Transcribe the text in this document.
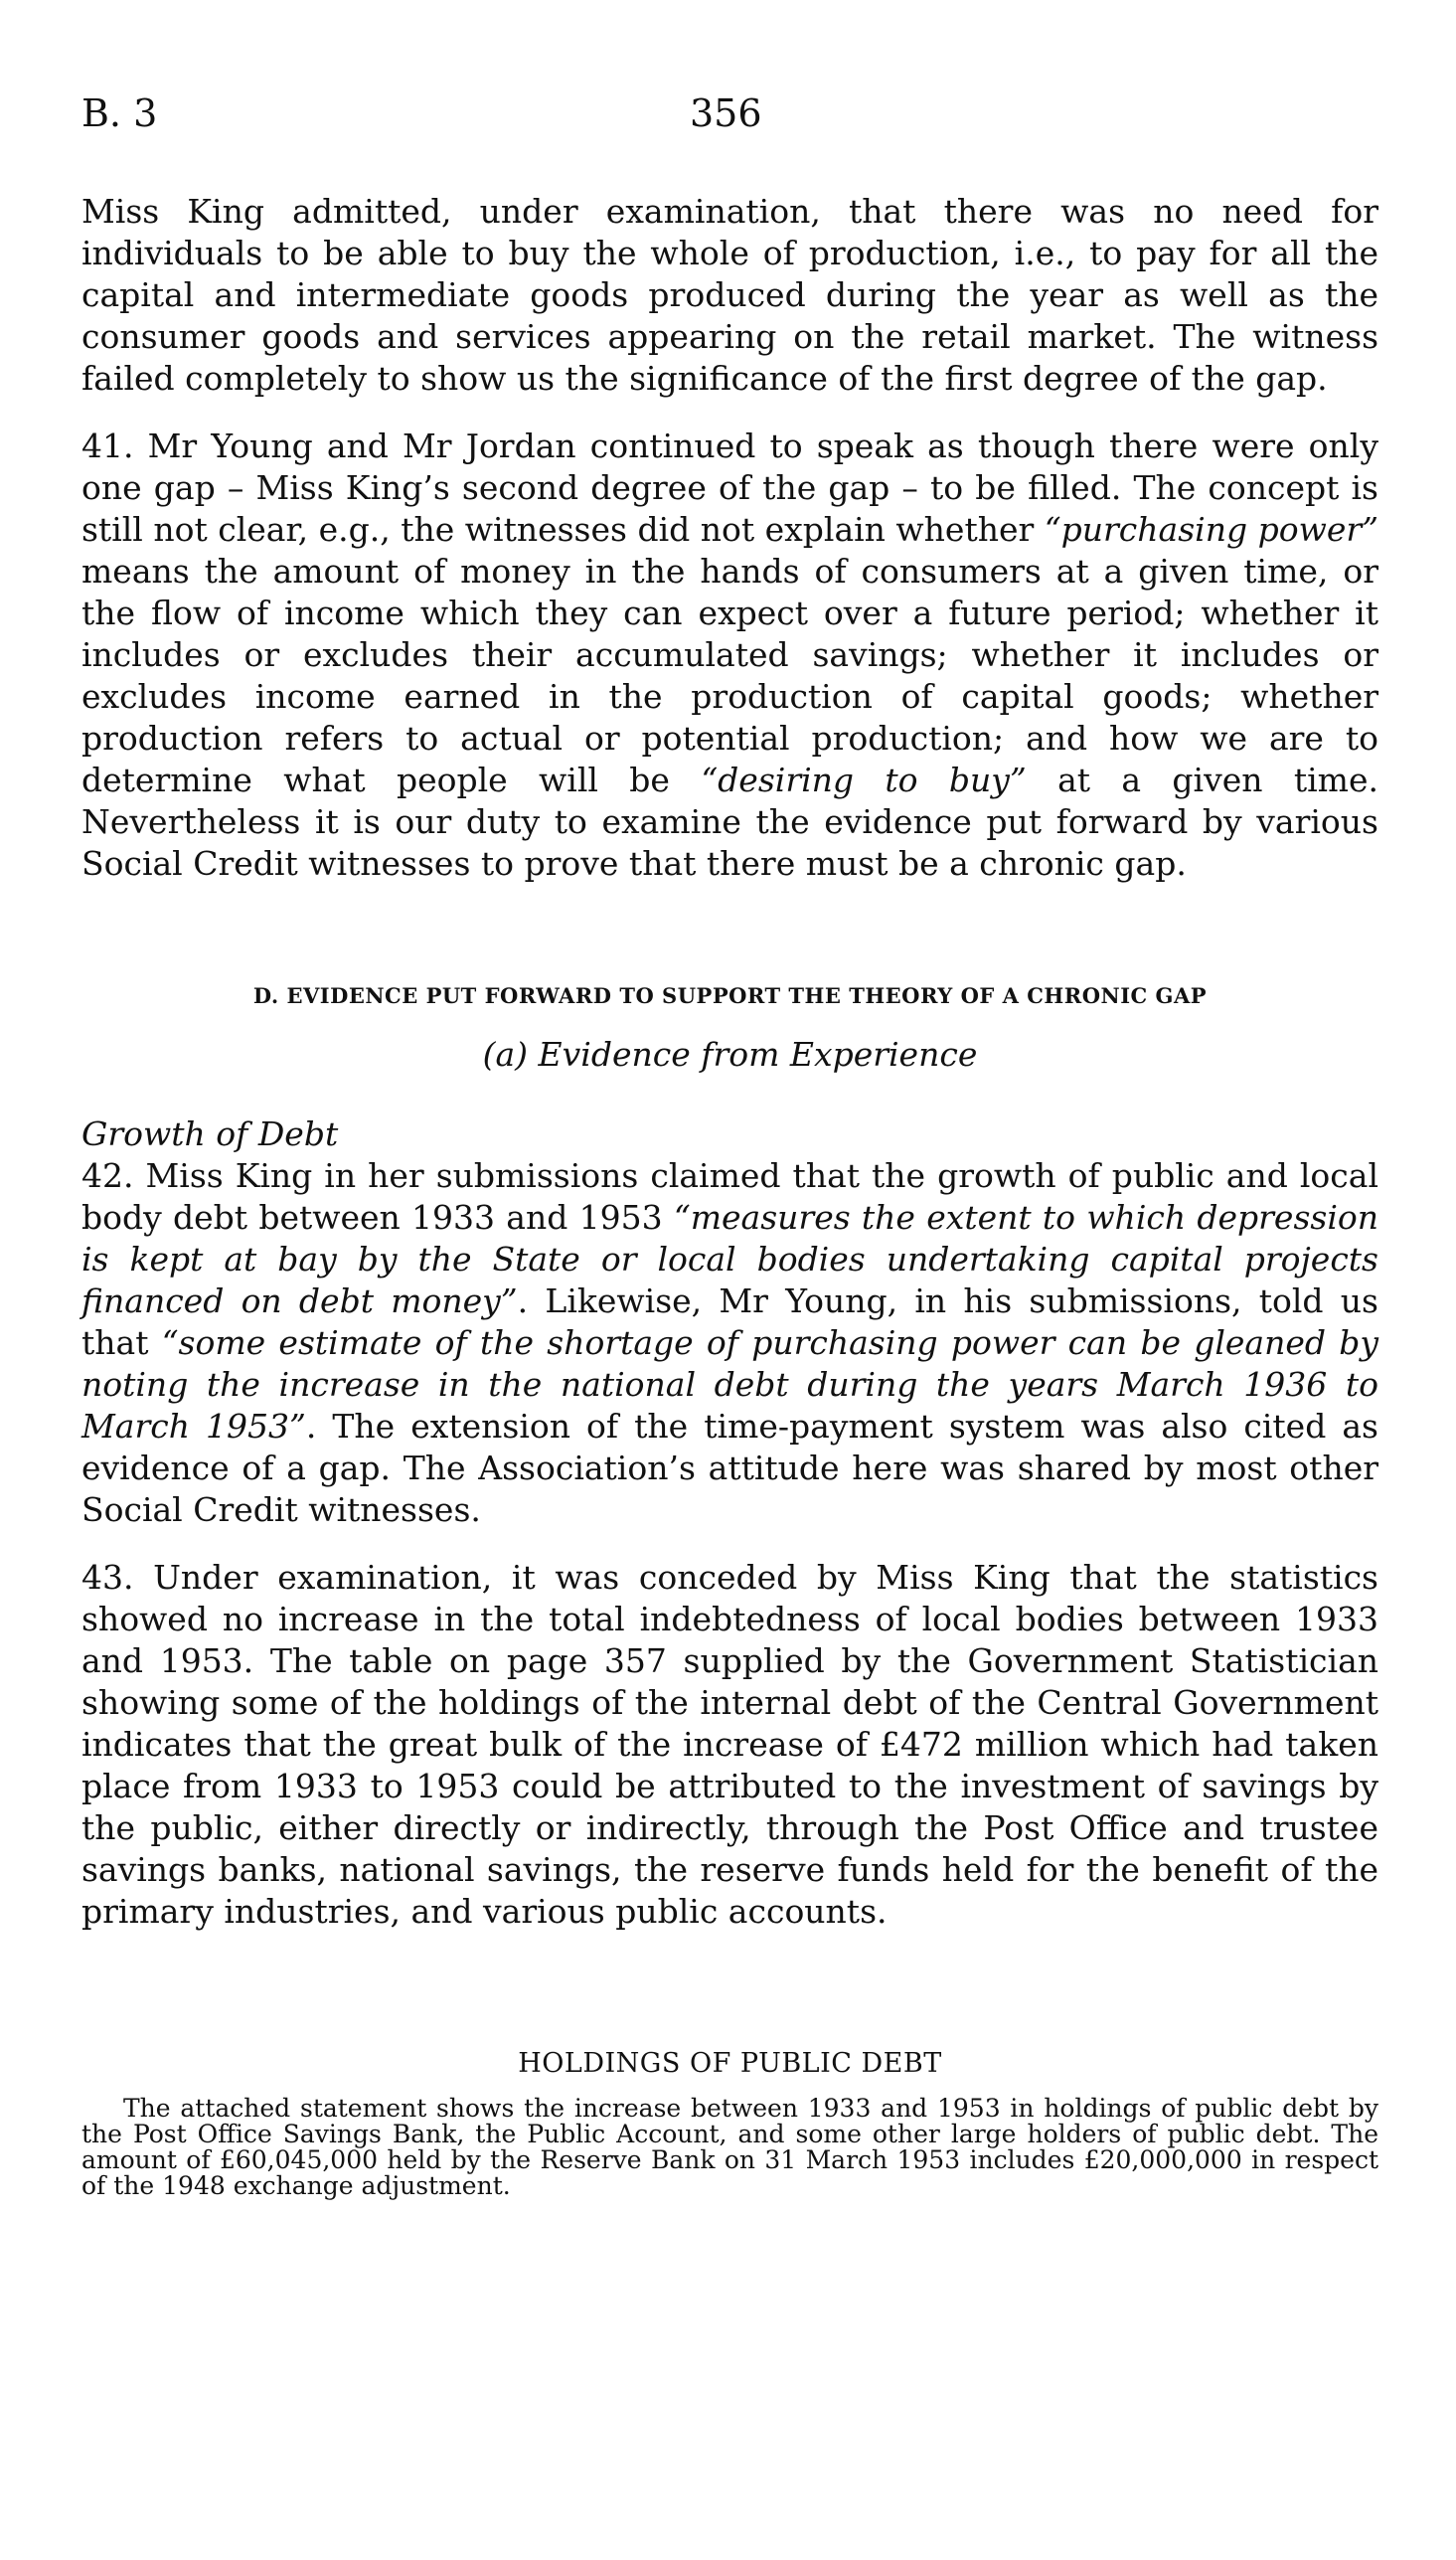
B. 3	356

Miss King admitted, under examination, that there was no need for individuals to be able to buy the whole of production, i.e., to pay for all the capital and intermediate goods produced during the year as well as the consumer goods and services appearing on the retail market. The witness failed completely to show us the significance of the first degree of the gap.

41. Mr Young and Mr Jordan continued to speak as though there were only one gap – Miss King’s second degree of the gap – to be filled. The concept is still not clear, e.g., the witnesses did not explain whether “purchasing power” means the amount of money in the hands of consumers at a given time, or the flow of income which they can expect over a future period; whether it includes or excludes their accumulated savings; whether it includes or excludes income earned in the production of capital goods; whether production refers to actual or potential production; and how we are to determine what people will be “desiring to buy” at a given time. Nevertheless it is our duty to examine the evidence put forward by various Social Credit witnesses to prove that there must be a chronic gap.

D. EVIDENCE PUT FORWARD TO SUPPORT THE THEORY OF A CHRONIC GAP
(a) Evidence from Experience
Growth of Debt

42. Miss King in her submissions claimed that the growth of public and local body debt between 1933 and 1953 “measures the extent to which depression is kept at bay by the State or local bodies undertaking capital projects financed on debt money”. Likewise, Mr Young, in his submissions, told us that “some estimate of the shortage of purchasing power can be gleaned by noting the increase in the national debt during the years March 1936 to March 1953”. The extension of the time-payment system was also cited as evidence of a gap. The Association’s attitude here was shared by most other Social Credit witnesses.

43. Under examination, it was conceded by Miss King that the statistics showed no increase in the total indebtedness of local bodies between 1933 and 1953. The table on page 357 supplied by the Government Statistician showing some of the holdings of the internal debt of the Central Government indicates that the great bulk of the increase of £472 million which had taken place from 1933 to 1953 could be attributed to the investment of savings by the public, either directly or indirectly, through the Post Office and trustee savings banks, national savings, the reserve funds held for the benefit of the primary industries, and various public accounts.

HOLDINGS OF PUBLIC DEBT
The attached statement shows the increase between 1933 and 1953 in holdings of public debt by the Post Office Savings Bank, the Public Account, and some other large holders of public debt. The amount of £60,045,000 held by the Reserve Bank on 31 March 1953 includes £20,000,000 in respect of the 1948 exchange adjustment.
